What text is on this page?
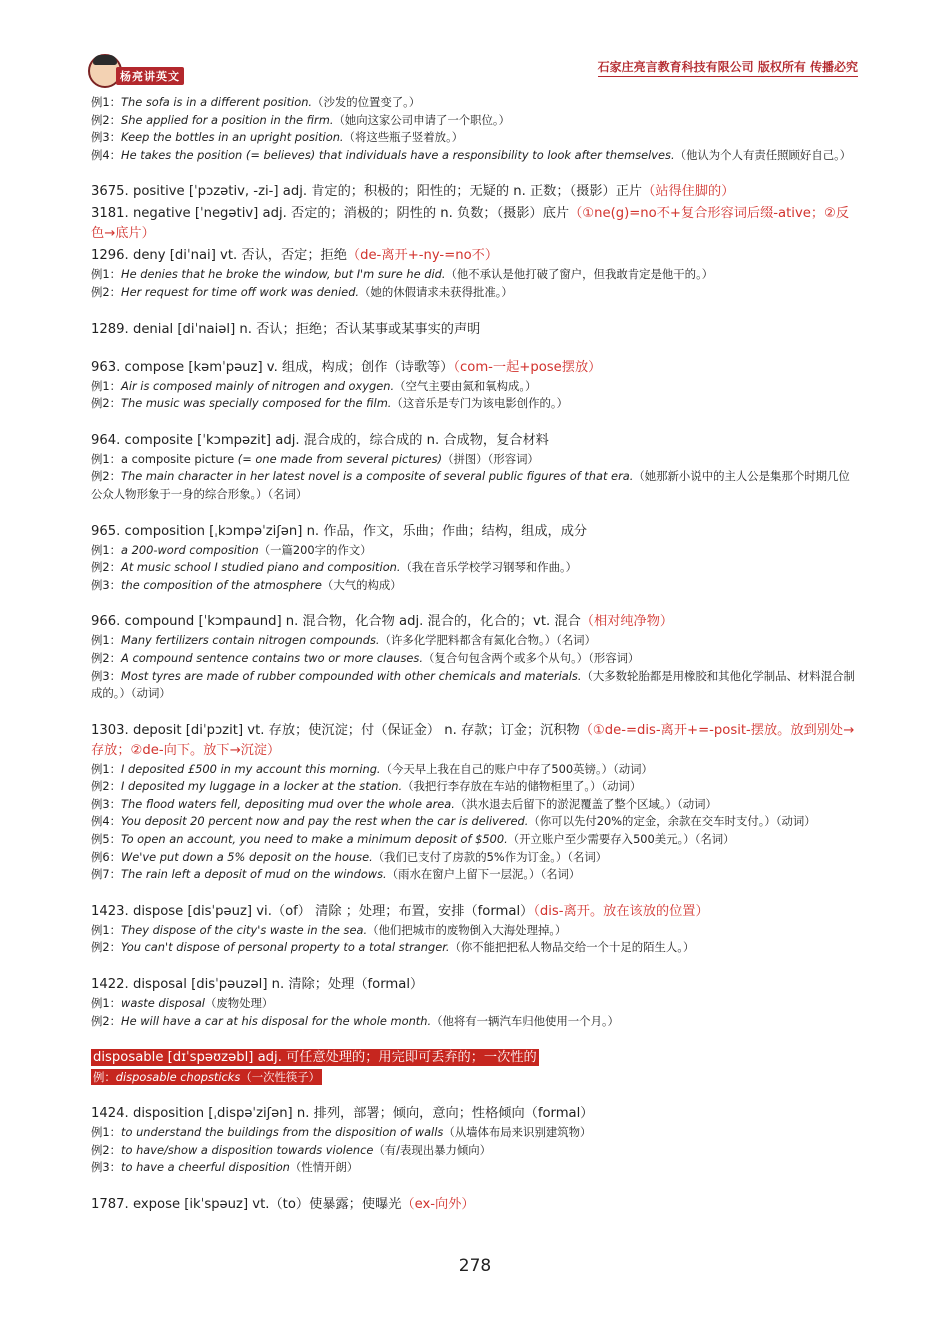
杨亮讲英文
石家庄亮言教育科技有限公司 版权所有 传播必究
例1：The sofa is in a different position.（沙发的位置变了。）
例2：She applied for a position in the firm.（她向这家公司申请了一个职位。）
例3：Keep the bottles in an upright position.（将这些瓶子竖着放。）
例4：He takes the position (= believes) that individuals have a responsibility to look after themselves.（他认为个人有责任照顾好自己。）
3675. positive [ˈpɔzətiv, -zi-] adj. 肯定的；积极的；阳性的；无疑的 n. 正数；（摄影）正片（站得住脚的）
3181. negative [ˈnegətiv] adj. 否定的；消极的；阴性的 n. 负数；（摄影）底片（①ne(g)=no不+复合形容词后缀-ative；②反色→底片）
1296. deny [diˈnai] vt. 否认，否定；拒绝（de-离开+-ny-=no不）
例1：He denies that he broke the window, but I'm sure he did.（他不承认是他打破了窗户，但我敢肯定是他干的。）
例2：Her request for time off work was denied.（她的休假请求未获得批准。）
1289. denial [diˈnaiəl] n. 否认；拒绝；否认某事或某事实的声明
963. compose [kəmˈpəuz] v. 组成，构成；创作（诗歌等）（com-一起+pose摆放）
例1：Air is composed mainly of nitrogen and oxygen.（空气主要由氮和氧构成。）
例2：The music was specially composed for the film.（这音乐是专门为该电影创作的。）
964. composite [ˈkɔmpəzit] adj. 混合成的，综合成的 n. 合成物，复合材料
例1：a composite picture (= one made from several pictures)（拼图）（形容词）
例2：The main character in her latest novel is a composite of several public figures of that era.（她那新小说中的主人公是集那个时期几位公众人物形象于一身的综合形象。）（名词）
965. composition [ˌkɔmpəˈziʃən] n. 作品，作文，乐曲；作曲；结构，组成，成分
例1：a 200-word composition（一篇200字的作文）
例2：At music school I studied piano and composition.（我在音乐学校学习钢琴和作曲。）
例3：the composition of the atmosphere（大气的构成）
966. compound [ˈkɔmpaund] n. 混合物，化合物 adj. 混合的，化合的；vt. 混合（相对纯净物）
例1：Many fertilizers contain nitrogen compounds.（许多化学肥料都含有氮化合物。）（名词）
例2：A compound sentence contains two or more clauses.（复合句包含两个或多个从句。）（形容词）
例3：Most tyres are made of rubber compounded with other chemicals and materials.（大多数轮胎都是用橡胶和其他化学制品、材料混合制成的。）（动词）
1303. deposit [diˈpɔzit] vt. 存放；使沉淀；付（保证金） n. 存款；订金；沉积物（①de-=dis-离开+=-posit-摆放。放到别处→存放；②de-向下。放下→沉淀）
例1：I deposited £500 in my account this morning.（今天早上我在自己的账户中存了500英镑。）（动词）
例2：I deposited my luggage in a locker at the station.（我把行李存放在车站的储物柜里了。）（动词）
例3：The flood waters fell, depositing mud over the whole area.（洪水退去后留下的淤泥覆盖了整个区域。）（动词）
例4：You deposit 20 percent now and pay the rest when the car is delivered.（你可以先付20%的定金，余款在交车时支付。）（动词）
例5：To open an account, you need to make a minimum deposit of $500.（开立账户至少需要存入500美元。）（名词）
例6：We've put down a 5% deposit on the house.（我们已支付了房款的5%作为订金。）（名词）
例7：The rain left a deposit of mud on the windows.（雨水在窗户上留下一层泥。）（名词）
1423. dispose [disˈpəuz] vi.（of） 清除 ；处理；布置，安排（formal）（dis-离开。放在该放的位置）
例1：They dispose of the city's waste in the sea.（他们把城市的废物倒入大海处理掉。）
例2：You can't dispose of personal property to a total stranger.（你不能把把私人物品交给一个十足的陌生人。）
1422. disposal [disˈpəuzəl] n. 清除；处理（formal）
例1：waste disposal（废物处理）
例2：He will have a car at his disposal for the whole month.（他将有一辆汽车归他使用一个月。）
disposable [dɪˈspəʊzəbl] adj. 可任意处理的；用完即可丢弃的；一次性的
例：disposable chopsticks（一次性筷子）
1424. disposition [ˌdispəˈziʃən] n. 排列，部署；倾向，意向；性格倾向（formal）
例1：to understand the buildings from the disposition of walls（从墙体布局来识别建筑物）
例2：to have/show a disposition towards violence（有/表现出暴力倾向）
例3：to have a cheerful disposition（性情开朗）
1787. expose [ikˈspəuz] vt.（to）使暴露；使曝光（ex-向外）
278
